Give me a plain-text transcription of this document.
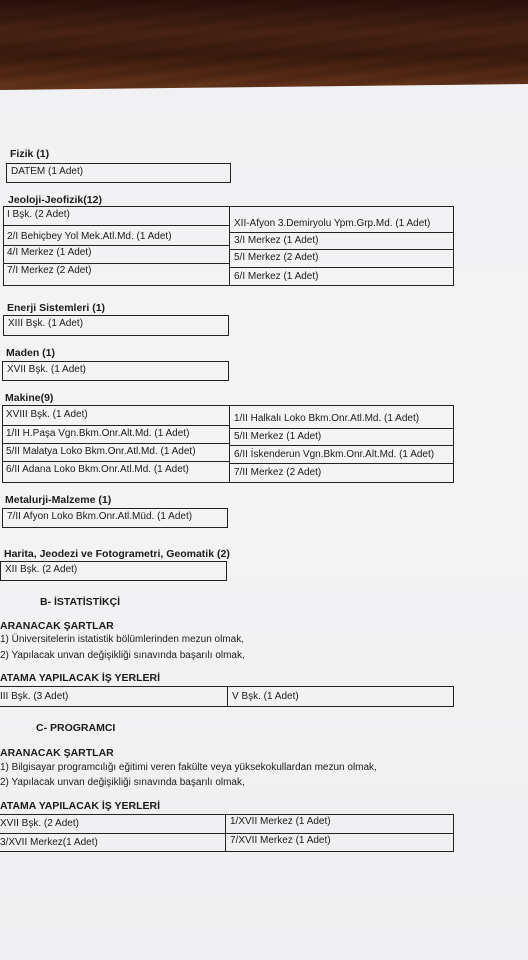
Fizik (1)
DATEM (1 Adet)
Jeoloji-Jeofizik(12)
I Bşk. (2 Adet)
2/I Behiçbey Yol Mek.Atl.Md. (1 Adet)
4/I Merkez (1 Adet)
7/I Merkez (2 Adet)
XII-Afyon 3.Demiryolu Ypm.Grp.Md. (1 Adet)
3/I Merkez (1 Adet)
5/I Merkez (2 Adet)
6/I Merkez (1 Adet)
Enerji Sistemleri (1)
XIII Bşk. (1 Adet)
Maden (1)
XVII Bşk. (1 Adet)
Makine(9)
XVIII Bşk. (1 Adet)
1/II H.Paşa Vgn.Bkm.Onr.Alt.Md. (1 Adet)
5/II Malatya Loko Bkm.Onr.Atl.Md. (1 Adet)
6/II Adana Loko Bkm.Onr.Atl.Md. (1 Adet)
1/II Halkalı Loko Bkm.Onr.Atl.Md. (1 Adet)
5/II Merkez (1 Adet)
6/II İskenderun Vgn.Bkm.Onr.Alt.Md. (1 Adet)
7/II Merkez (2 Adet)
Metalurji-Malzeme (1)
7/II Afyon Loko Bkm.Onr.Atl.Müd. (1 Adet)
Harita, Jeodezi ve Fotogrametri, Geomatik (2)
XII Bşk. (2 Adet)
B- İSTATİSTİKÇİ
ARANACAK ŞARTLAR
1) Üniversitelerin istatistik bölümlerinden mezun olmak,
2) Yapılacak unvan değişikliği sınavında başarılı olmak,
ATAMA YAPILACAK İŞ YERLERİ
III Bşk. (3 Adet)	V Bşk. (1 Adet)
C- PROGRAMCI
ARANACAK ŞARTLAR
1) Bilgisayar programcılığı eğitimi veren fakülte veya yüksekokullardan mezun olmak,
2) Yapılacak unvan değişikliği sınavında başarılı olmak,
ATAMA YAPILACAK İŞ YERLERİ
XVII Bşk. (2 Adet)
3/XVII Merkez(1 Adet)
1/XVII Merkez (1 Adet)
7/XVII Merkez (1 Adet)
